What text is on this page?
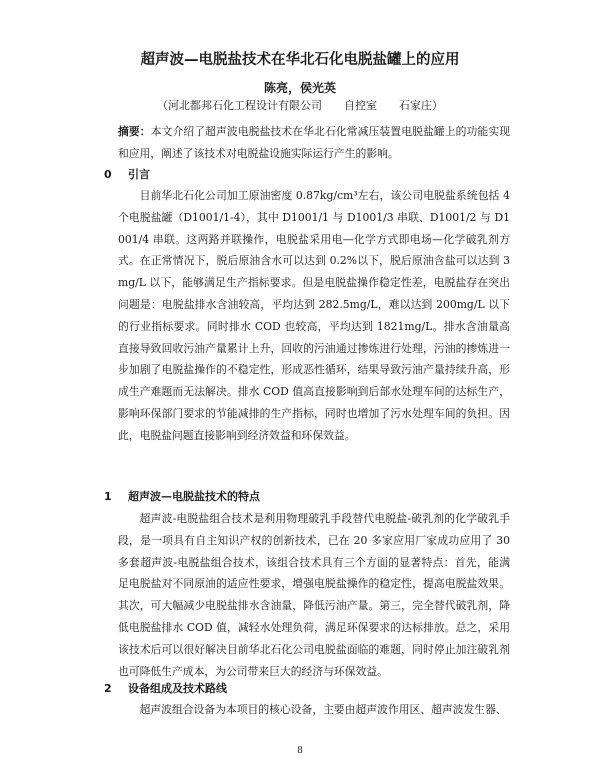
超声波—电脱盐技术在华北石化电脱盐罐上的应用
陈亮，侯光英
（河北都邦石化工程设计有限公司　　自控室　　石家庄）
摘要：本文介绍了超声波电脱盐技术在华北石化常减压装置电脱盐罐上的功能实现和应用，阐述了该技术对电脱盐设施实际运行产生的影响。
0 引言
目前华北石化公司加工原油密度 0.87kg/cm³左右，该公司电脱盐系统包括 4 个电脱盐罐（D1001/1-4），其中 D1001/1 与 D1001/3 串联、D1001/2 与 D1001/4 串联。这两路并联操作，电脱盐采用电—化学方式即电场—化学破乳剂方式。在正常情况下，脱后原油含水可以达到 0.2%以下，脱后原油含盐可以达到 3mg/L 以下，能够满足生产指标要求。但是电脱盐操作稳定性差，电脱盐存在突出问题是：电脱盐排水含油较高，平均达到 282.5mg/L，难以达到 200mg/L 以下的行业指标要求。同时排水 COD 也较高，平均达到 1821mg/L。排水含油量高直接导致回收污油产量累计上升，回收的污油通过掺炼进行处理，污油的掺炼进一步加剧了电脱盐操作的不稳定性，形成恶性循环，结果导致污油产量持续升高，形成生产难题而无法解决。排水 COD 值高直接影响到后部水处理车间的达标生产，影响环保部门要求的节能减排的生产指标，同时也增加了污水处理车间的负担。因此，电脱盐问题直接影响到经济效益和环保效益。
1 超声波—电脱盐技术的特点
超声波-电脱盐组合技术是利用物理破乳手段替代电脱盐-破乳剂的化学破乳手段，是一项具有自主知识产权的创新技术，已在 20 多家应用厂家成功应用了 30 多套超声波-电脱盐组合技术，该组合技术具有三个方面的显著特点：首先，能满足电脱盐对不同原油的适应性要求，增强电脱盐操作的稳定性，提高电脱盐效果。其次，可大幅减少电脱盐排水含油量，降低污油产量。第三，完全替代破乳剂，降低电脱盐排水 COD 值，减轻水处理负荷，满足环保要求的达标排放。总之，采用该技术后可以很好解决目前华北石化公司电脱盐面临的难题，同时停止加注破乳剂也可降低生产成本，为公司带来巨大的经济与环保效益。
2 设备组成及技术路线
超声波组合设备为本项目的核心设备，主要由超声波作用区、超声波发生器、
8
